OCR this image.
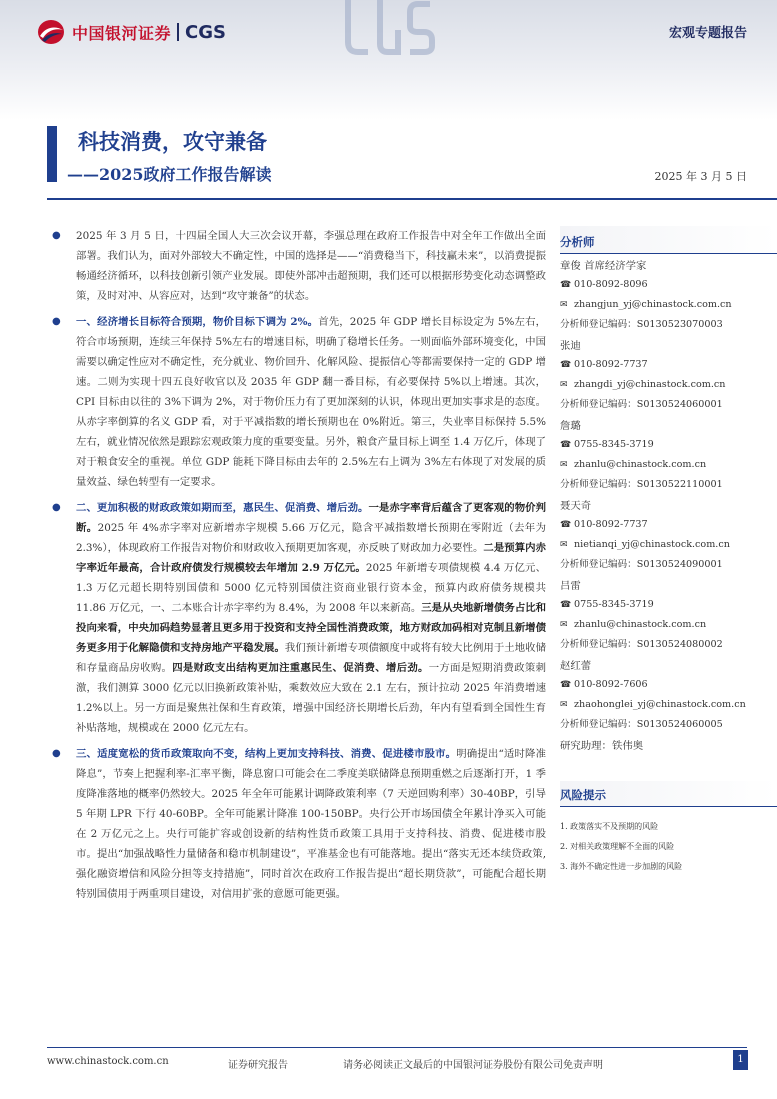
中国银河证券 CGS	宏观专题报告
科技消费，攻守兼备
——2025政府工作报告解读	2025 年 3 月 5 日
● 2025 年 3 月 5 日，十四届全国人大三次会议开幕，李强总理在政府工作报告中对全年工作做出全面部署。我们认为，面对外部较大不确定性，中国的选择是——“消费稳当下，科技赢未来”，以消费提振畅通经济循环，以科技创新引领产业发展。即使外部冲击超预期，我们还可以根据形势变化动态调整政策，及时对冲、从容应对，达到“攻守兼备”的状态。
● 一、经济增长目标符合预期，物价目标下调为 2%。首先，2025 年 GDP 增长目标设定为 5%左右，符合市场预期，连续三年保持 5%左右的增速目标，明确了稳增长任务。一则面临外部环境变化，中国需要以确定性应对不确定性，充分就业、物价回升、化解风险、提振信心等都需要保持一定的 GDP 增速。二则为实现十四五良好收官以及 2035 年 GDP 翻一番目标，有必要保持 5%以上增速。其次，CPI 目标由以往的 3%下调为 2%，对于物价压力有了更加深刻的认识，体现出更加实事求是的态度。从赤字率倒算的名义 GDP 看，对于平减指数的增长预期也在 0%附近。第三，失业率目标保持 5.5%左右，就业情况依然是跟踪宏观政策力度的重要变量。另外，粮食产量目标上调至 1.4 万亿斤，体现了对于粮食安全的重视。单位 GDP 能耗下降目标由去年的 2.5%左右上调为 3%左右体现了对发展的质量效益、绿色转型有一定要求。
● 二、更加积极的财政政策如期而至，惠民生、促消费、增后劲。一是赤字率背后蕴含了更客观的物价判断。2025 年 4%赤字率对应新增赤字规模 5.66 万亿元，隐含平减指数增长预期在零附近（去年为 2.3%），体现政府工作报告对物价和财政收入预期更加客观，亦反映了财政加力必要性。二是预算内赤字率近年最高，合计政府债发行规模较去年增加 2.9 万亿元。2025 年新增专项债规模 4.4 万亿元、1.3 万亿元超长期特别国债和 5000 亿元特别国债注资商业银行资本金，预算内政府债务规模共 11.86 万亿元，一、二本账合计赤字率约为 8.4%，为 2008 年以来新高。三是从央地新增债务占比和投向来看，中央加码趋势显著且更多用于投资和支持全国性消费政策，地方财政加码相对克制且新增债务更多用于化解隐债和支持房地产平稳发展。我们预计新增专项债额度中或将有较大比例用于土地收储和存量商品房收购。四是财政支出结构更加注重惠民生、促消费、增后劲。一方面是短期消费政策刺激，我们测算 3000 亿元以旧换新政策补贴，乘数效应大致在 2.1 左右，预计拉动 2025 年消费增速 1.2%以上。另一方面是聚焦社保和生育政策，增强中国经济长期增长后劲，年内有望看到全国性生育补贴落地，规模或在 2000 亿元左右。
● 三、适度宽松的货币政策取向不变，结构上更加支持科技、消费、促进楼市股市。明确提出“适时降准降息”，节奏上把握利率-汇率平衡，降息窗口可能会在二季度美联储降息预期重燃之后逐渐打开，1 季度降准落地的概率仍然较大。2025 年全年可能累计调降政策利率（7 天逆回购利率）30-40BP，引导 5 年期 LPR 下行 40-60BP。全年可能累计降准 100-150BP。央行公开市场国债全年累计净买入可能在 2 万亿元之上。央行可能扩容或创设新的结构性货币政策工具用于支持科技、消费、促进楼市股市。提出“加强战略性力量储备和稳市机制建设”，平准基金也有可能落地。提出“落实无还本续贷政策,强化融资增信和风险分担等支持措施”，同时首次在政府工作报告提出“超长期贷款”，可能配合超长期特别国债用于两重项目建设，对信用扩张的意愿可能更强。
分析师
章俊 首席经济学家
☎ 010-8092-8096
✉ zhangjun_yj@chinastock.com.cn
分析师登记编码：S0130523070003
张迪
☎ 010-8092-7737
✉ zhangdi_yj@chinastock.com.cn
分析师登记编码：S0130524060001
詹璐
☎ 0755-8345-3719
✉ zhanlu@chinastock.com.cn
分析师登记编码：S0130522110001
聂天奇
☎ 010-8092-7737
✉ nietianqi_yj@chinastock.com.cn
分析师登记编码：S0130524090001
吕雷
☎ 0755-8345-3719
✉ zhanlu@chinastock.com.cn
分析师登记编码：S0130524080002
赵红蕾
☎ 010-8092-7606
✉ zhaohonglei_yj@chinastock.com.cn
分析师登记编码：S0130524060005
研究助理：铁伟奥
风险提示
1. 政策落实不及预期的风险
2. 对相关政策理解不全面的风险
3. 海外不确定性进一步加剧的风险
www.chinastock.com.cn	证券研究报告	请务必阅读正文最后的中国银河证券股份有限公司免责声明
1
